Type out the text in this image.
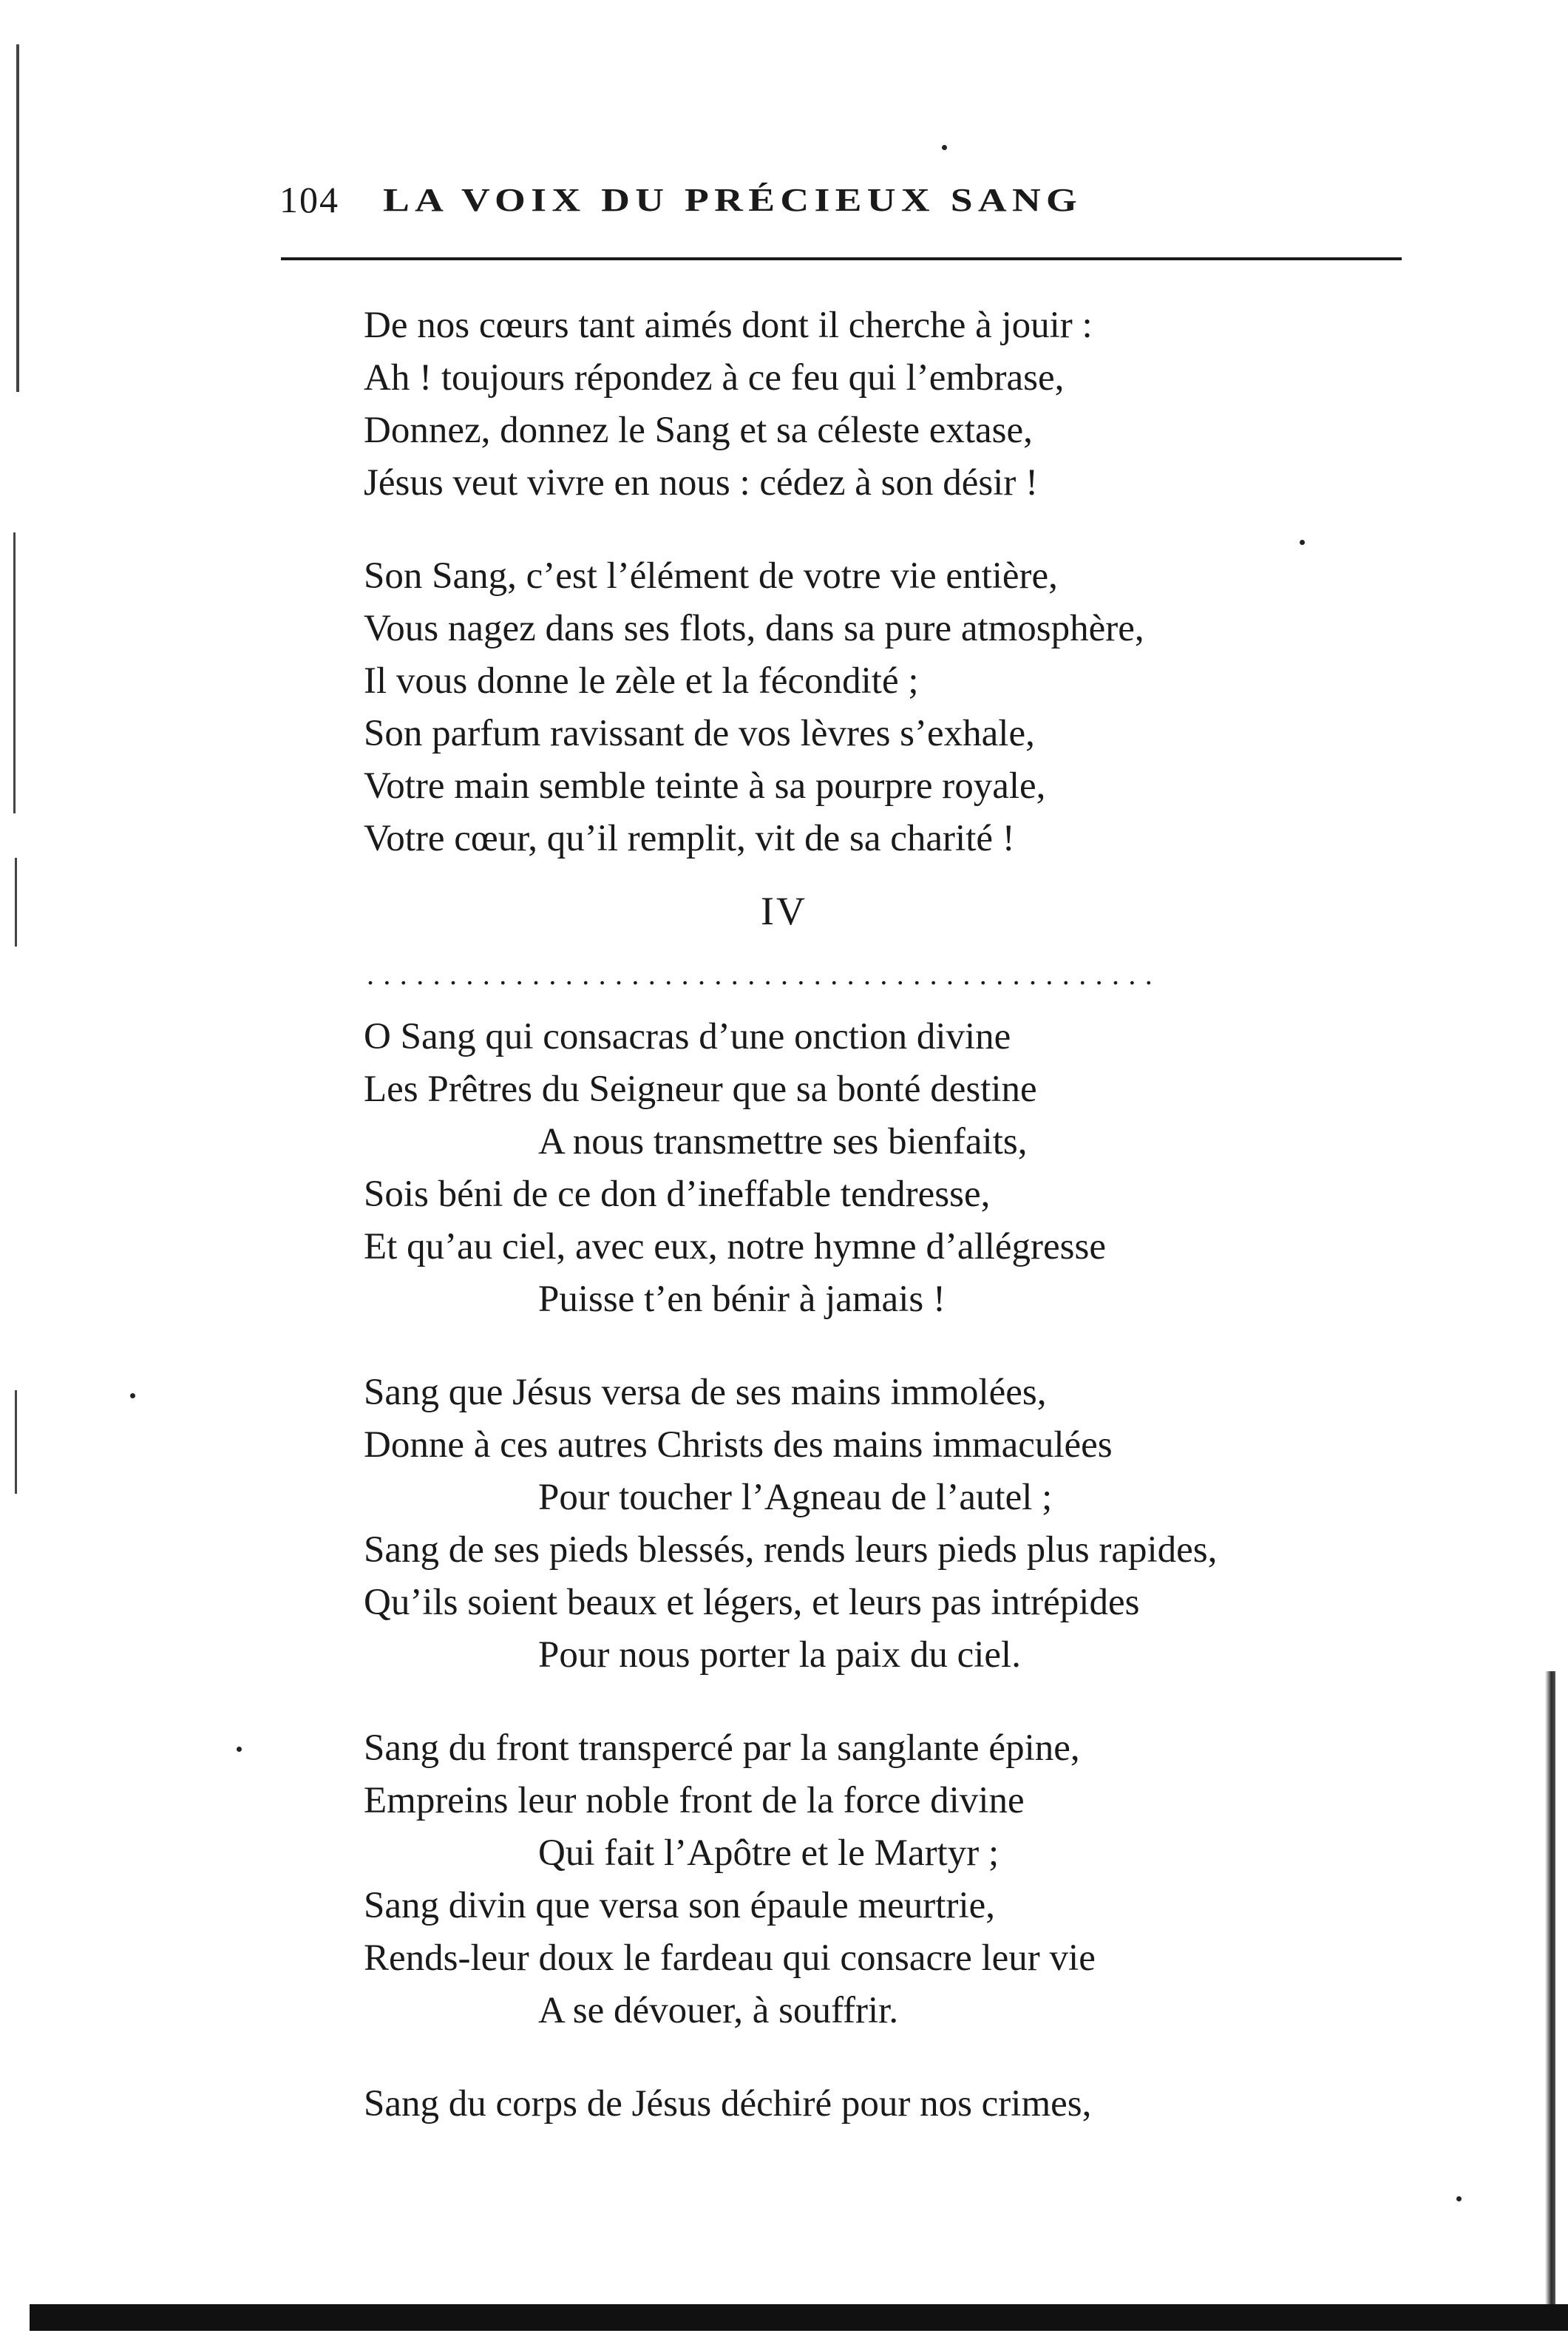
104 LA VOIX DU PRÉCIEUX SANG
De nos cœurs tant aimés dont il cherche à jouir :
Ah ! toujours répondez à ce feu qui l’embrase,
Donnez, donnez le Sang et sa céleste extase,
Jésus veut vivre en nous : cédez à son désir !
Son Sang, c’est l’élément de votre vie entière,
Vous nagez dans ses flots, dans sa pure atmosphère,
Il vous donne le zèle et la fécondité ;
Son parfum ravissant de vos lèvres s’exhale,
Votre main semble teinte à sa pourpre royale,
Votre cœur, qu’il remplit, vit de sa charité !
IV
................................................
O Sang qui consacras d’une onction divine
Les Prêtres du Seigneur que sa bonté destine
A nous transmettre ses bienfaits,
Sois béni de ce don d’ineffable tendresse,
Et qu’au ciel, avec eux, notre hymne d’allégresse
Puisse t’en bénir à jamais !
Sang que Jésus versa de ses mains immolées,
Donne à ces autres Christs des mains immaculées
Pour toucher l’Agneau de l’autel ;
Sang de ses pieds blessés, rends leurs pieds plus rapides,
Qu’ils soient beaux et légers, et leurs pas intrépides
Pour nous porter la paix du ciel.
Sang du front transpercé par la sanglante épine,
Empreins leur noble front de la force divine
Qui fait l’Apôtre et le Martyr ;
Sang divin que versa son épaule meurtrie,
Rends-leur doux le fardeau qui consacre leur vie
A se dévouer, à souffrir.
Sang du corps de Jésus déchiré pour nos crimes,
